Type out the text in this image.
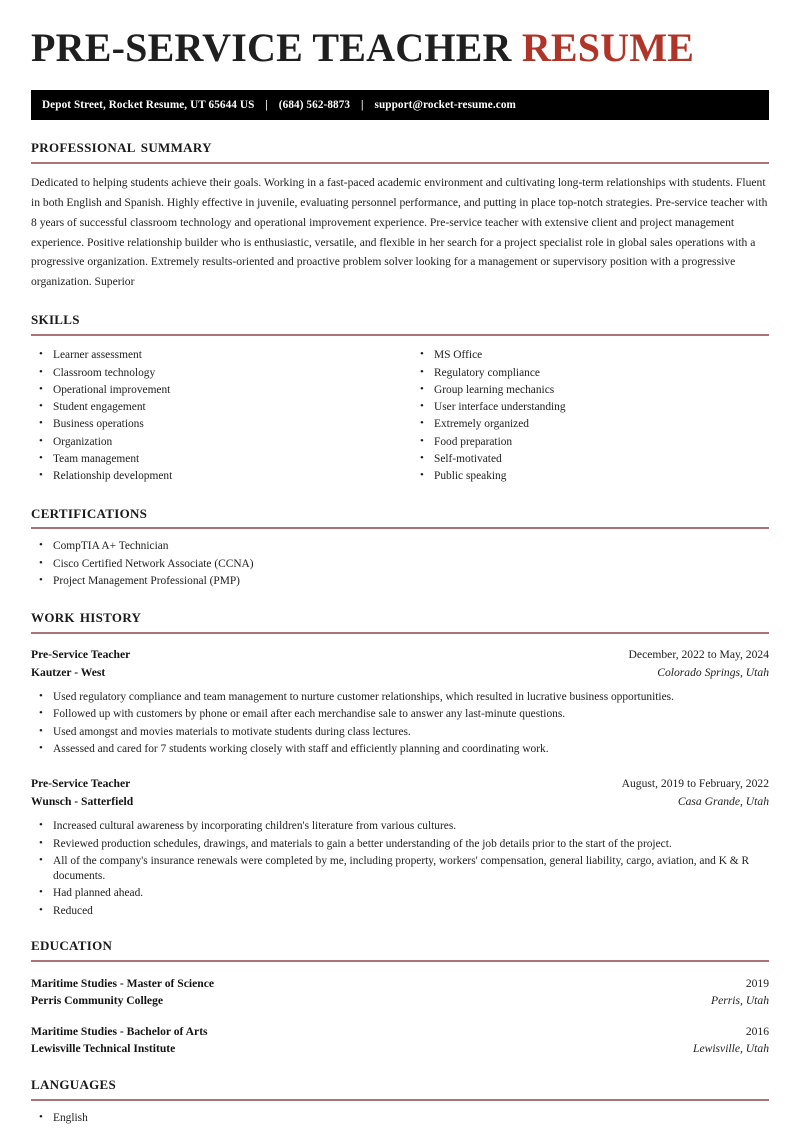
PRE-SERVICE TEACHER RESUME
Depot Street, Rocket Resume, UT 65644 US | (684) 562-8873 | support@rocket-resume.com
professional summary

Dedicated to helping students achieve their goals. Working in a fast-paced academic environment and cultivating long-term relationships with students. Fluent in both English and Spanish. Highly effective in juvenile, evaluating personnel performance, and putting in place top-notch strategies. Pre-service teacher with 8 years of successful classroom technology and operational improvement experience. Pre-service teacher with extensive client and project management experience. Positive relationship builder who is enthusiastic, versatile, and flexible in her search for a project specialist role in global sales operations with a progressive organization. Extremely results-oriented and proactive problem solver looking for a management or supervisory position with a progressive organization. Superior

skills
• Learner assessment
• Classroom technology
• Operational improvement
• Student engagement
• Business operations
• Organization
• Team management
• Relationship development
• MS Office
• Regulatory compliance
• Group learning mechanics
• User interface understanding
• Extremely organized
• Food preparation
• Self-motivated
• Public speaking
certifications
• CompTIA A+ Technician
• Cisco Certified Network Associate (CCNA)
• Project Management Professional (PMP)
work history
Pre-Service Teacher	December, 2022 to May, 2024
Kautzer - West	Colorado Springs, Utah
• Used regulatory compliance and team management to nurture customer relationships, which resulted in lucrative business opportunities.
• Followed up with customers by phone or email after each merchandise sale to answer any last-minute questions.
• Used amongst and movies materials to motivate students during class lectures.
• Assessed and cared for 7 students working closely with staff and efficiently planning and coordinating work.
Pre-Service Teacher	August, 2019 to February, 2022
Wunsch - Satterfield	Casa Grande, Utah
• Increased cultural awareness by incorporating children's literature from various cultures.
• Reviewed production schedules, drawings, and materials to gain a better understanding of the job details prior to the start of the project.
• All of the company's insurance renewals were completed by me, including property, workers' compensation, general liability, cargo, aviation, and K & R documents.
• Had planned ahead.
• Reduced
education
Maritime Studies - Master of Science	2019
Perris Community College	Perris, Utah
Maritime Studies - Bachelor of Arts	2016
Lewisville Technical Institute	Lewisville, Utah
languages
• English
